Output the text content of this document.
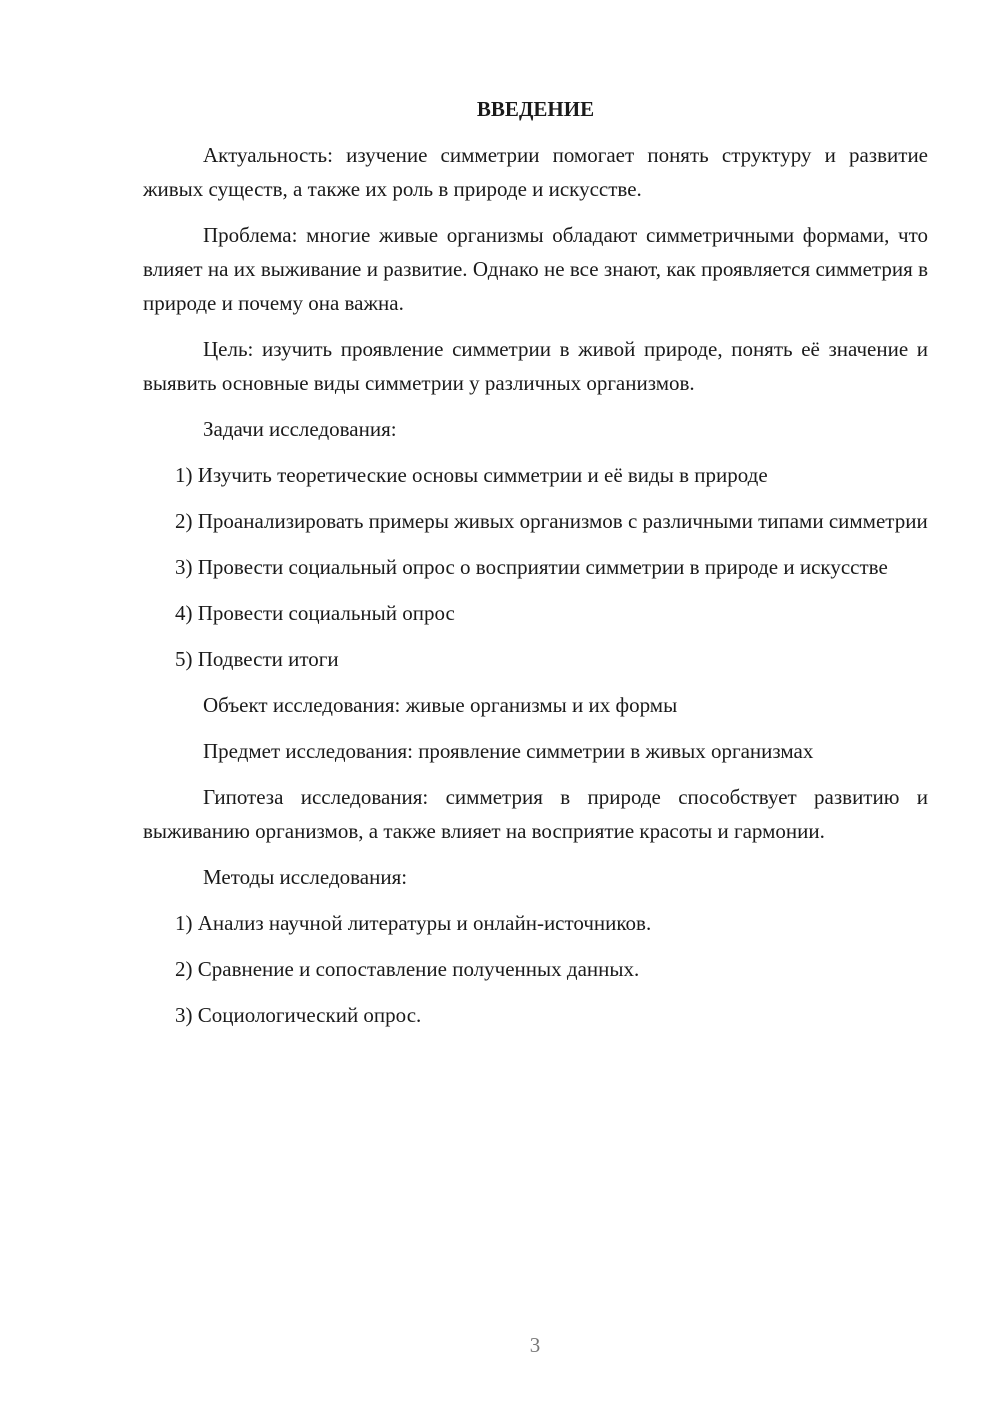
ВВЕДЕНИЕ

Актуальность: изучение симметрии помогает понять структуру и развитие живых существ, а также их роль в природе и искусстве.

Проблема: многие живые организмы обладают симметричными формами, что влияет на их выживание и развитие. Однако не все знают, как проявляется симметрия в природе и почему она важна.

Цель: изучить проявление симметрии в живой природе, понять её значение и выявить основные виды симметрии у различных организмов.

Задачи исследования:

1) Изучить теоретические основы симметрии и её виды в природе

2) Проанализировать примеры живых организмов с различными типами симметрии

3) Провести социальный опрос о восприятии симметрии в природе и искусстве

4) Провести социальный опрос

5) Подвести итоги

Объект исследования: живые организмы и их формы

Предмет исследования: проявление симметрии в живых организмах

Гипотеза исследования: симметрия в природе способствует развитию и выживанию организмов, а также влияет на восприятие красоты и гармонии.

Методы исследования:

1) Анализ научной литературы и онлайн-источников.

2) Сравнение и сопоставление полученных данных.

3) Социологический опрос.

3
